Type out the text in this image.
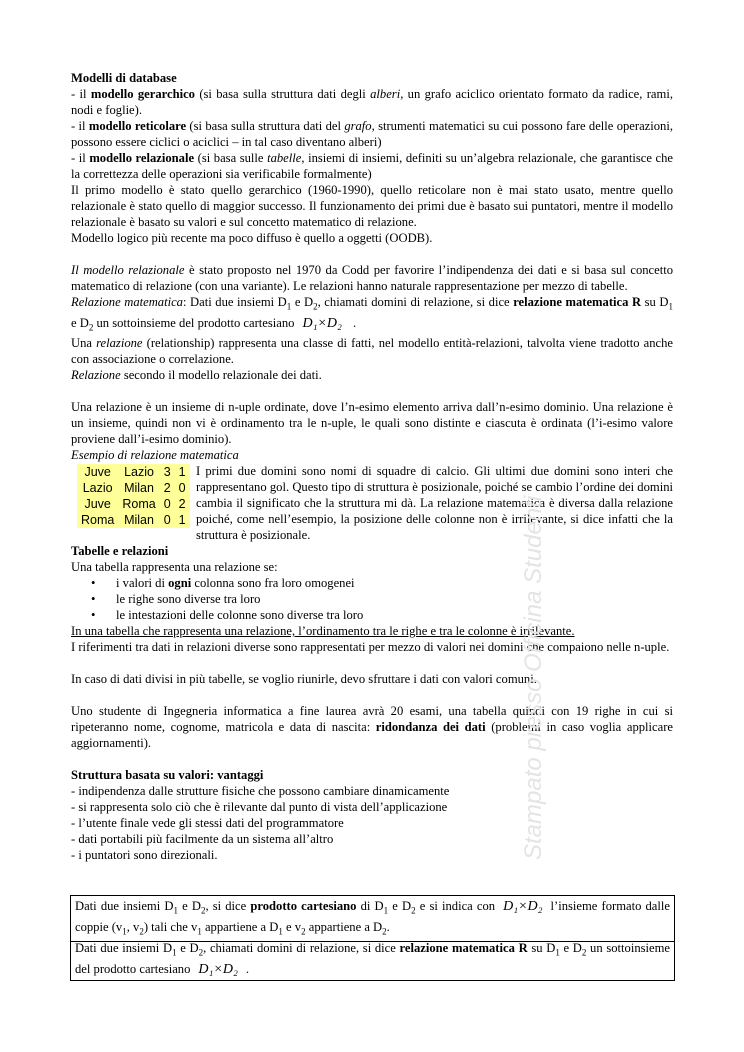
Modelli di database

- il modello gerarchico (si basa sulla struttura dati degli alberi, un grafo aciclico orientato formato da radice, rami, nodi e foglie).

- il modello reticolare (si basa sulla struttura dati del grafo, strumenti matematici su cui possono fare delle operazioni, possono essere ciclici o aciclici – in tal caso diventano alberi)

- il modello relazionale (si basa sulle tabelle, insiemi di insiemi, definiti su un’algebra relazionale, che garantisce che la correttezza delle operazioni sia verificabile formalmente)

Il primo modello è stato quello gerarchico (1960-1990), quello reticolare non è mai stato usato, mentre quello relazionale è stato quello di maggior successo. Il funzionamento dei primi due è basato sui puntatori, mentre il modello relazionale è basato su valori e sul concetto matematico di relazione.

Modello logico più recente ma poco diffuso è quello a oggetti (OODB).

Il modello relazionale è stato proposto nel 1970 da Codd per favorire l’indipendenza dei dati e si basa sul concetto matematico di relazione (con una variante). Le relazioni hanno naturale rappresentazione per mezzo di tabelle.

Relazione matematica: Dati due insiemi $D_1$ e $D_2$, chiamati domini di relazione, si dice relazione matematica R su $D_1$ e $D_2$ un sottoinsieme del prodotto cartesiano D₁×D₂ .

Una relazione (relationship) rappresenta una classe di fatti, nel modello entità-relazioni, talvolta viene tradotto anche con associazione o correlazione.

Relazione secondo il modello relazionale dei dati.

Una relazione è un insieme di n-uple ordinate, dove l’n-esimo elemento arriva dall’n-esimo dominio. Una relazione è un insieme, quindi non vi è ordinamento tra le n-uple, le quali sono distinte e ciascuta è ordinata (l’i-esimo valore proviene dall’i-esimo dominio).

Esempio di relazione matematica

Juve	Lazio	3	1
Lazio	Milan	2	0
Juve	Roma	0	2
Roma	Milan	0	1

I primi due domini sono nomi di squadre di calcio. Gli ultimi due domini sono interi che rappresentano gol. Questo tipo di struttura è posizionale, poiché se cambio l’ordine dei domini cambia il significato che la struttura mi dà. La relazione matematica è diversa dalla relazione poiché, come nell’esempio, la posizione delle colonne non è irrilevante, si dice infatti che la struttura è posizionale.

Tabelle e relazioni

Una tabella rappresenta una relazione se:

• i valori di ogni colonna sono fra loro omogenei
• le righe sono diverse tra loro
• le intestazioni delle colonne sono diverse tra loro

In una tabella che rappresenta una relazione, l’ordinamento tra le righe e tra le colonne è irrilevante.

I riferimenti tra dati in relazioni diverse sono rappresentati per mezzo di valori nei domini che compaiono nelle n-uple.

In caso di dati divisi in più tabelle, se voglio riunirle, devo sfruttare i dati con valori comuni.

Uno studente di Ingegneria informatica a fine laurea avrà 20 esami, una tabella quindi con 19 righe in cui si ripeteranno nome, cognome, matricola e data di nascita: ridondanza dei dati (problemi in caso voglia applicare aggiornamenti).

Struttura basata su valori: vantaggi

- indipendenza dalle strutture fisiche che possono cambiare dinamicamente

- si rappresenta solo ciò che è rilevante dal punto di vista dell’applicazione

- l’utente finale vede gli stessi dati del programmatore

- dati portabili più facilmente da un sistema all’altro

- i puntatori sono direzionali.

Dati due insiemi $D_1$ e $D_2$, si dice prodotto cartesiano di $D_1$ e $D_2$ e si indica con D₁×D₂ l’insieme formato dalle coppie ($v_1$, $v_2$) tali che $v_1$ appartiene a $D_1$ e $v_2$ appartiene a $D_2$.

Dati due insiemi $D_1$ e $D_2$, chiamati domini di relazione, si dice relazione matematica R su $D_1$ e $D_2$ un sottoinsieme del prodotto cartesiano D₁×D₂ .

Stampato presso Officina Studenti
